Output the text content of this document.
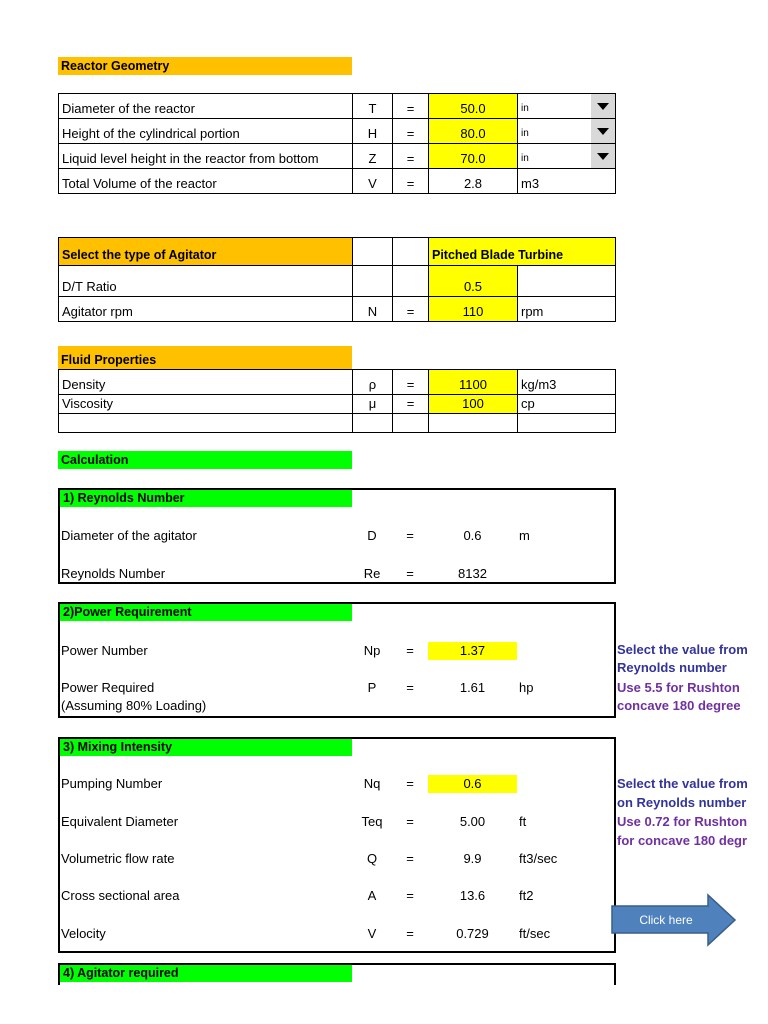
Reactor Geometry
Diameter of the reactor	T	=	50.0	in

Height of the cylindrical portion	H	=	80.0	in

Liquid level height in the reactor from bottom	Z	=	70.0	in

Total Volume of the reactor	V	=	2.8	m3
Select the type of Agitator			Pitched Blade Turbine	
D/T Ratio			0.5	
Agitator rpm	N	=	110	rpm
Fluid Properties
Density	ρ	=	1100	kg/m3
Viscosity	μ	=	100	cp

Calculation
1) Reynolds Number
Diameter of the agitator	D	=	0.6	m
Reynolds Number	Re	=	8132
2)Power Requirement
Power Number	Np	=	1.37
Power Required	P	=	1.61	hp
(Assuming 80% Loading)
Select the value from
Reynolds number
Use 5.5 for Rushton
concave 180 degree
3) Mixing Intensity
Pumping Number	Nq	=	0.6
Equivalent Diameter	Teq	=	5.00	ft
Volumetric flow rate	Q	=	9.9	ft3/sec
Cross sectional area	A	=	13.6	ft2
Velocity	V	=	0.729	ft/sec
Select the value from
on Reynolds number
Use 0.72 for Rushton
for concave 180 degr
Click here
4) Agitator required
